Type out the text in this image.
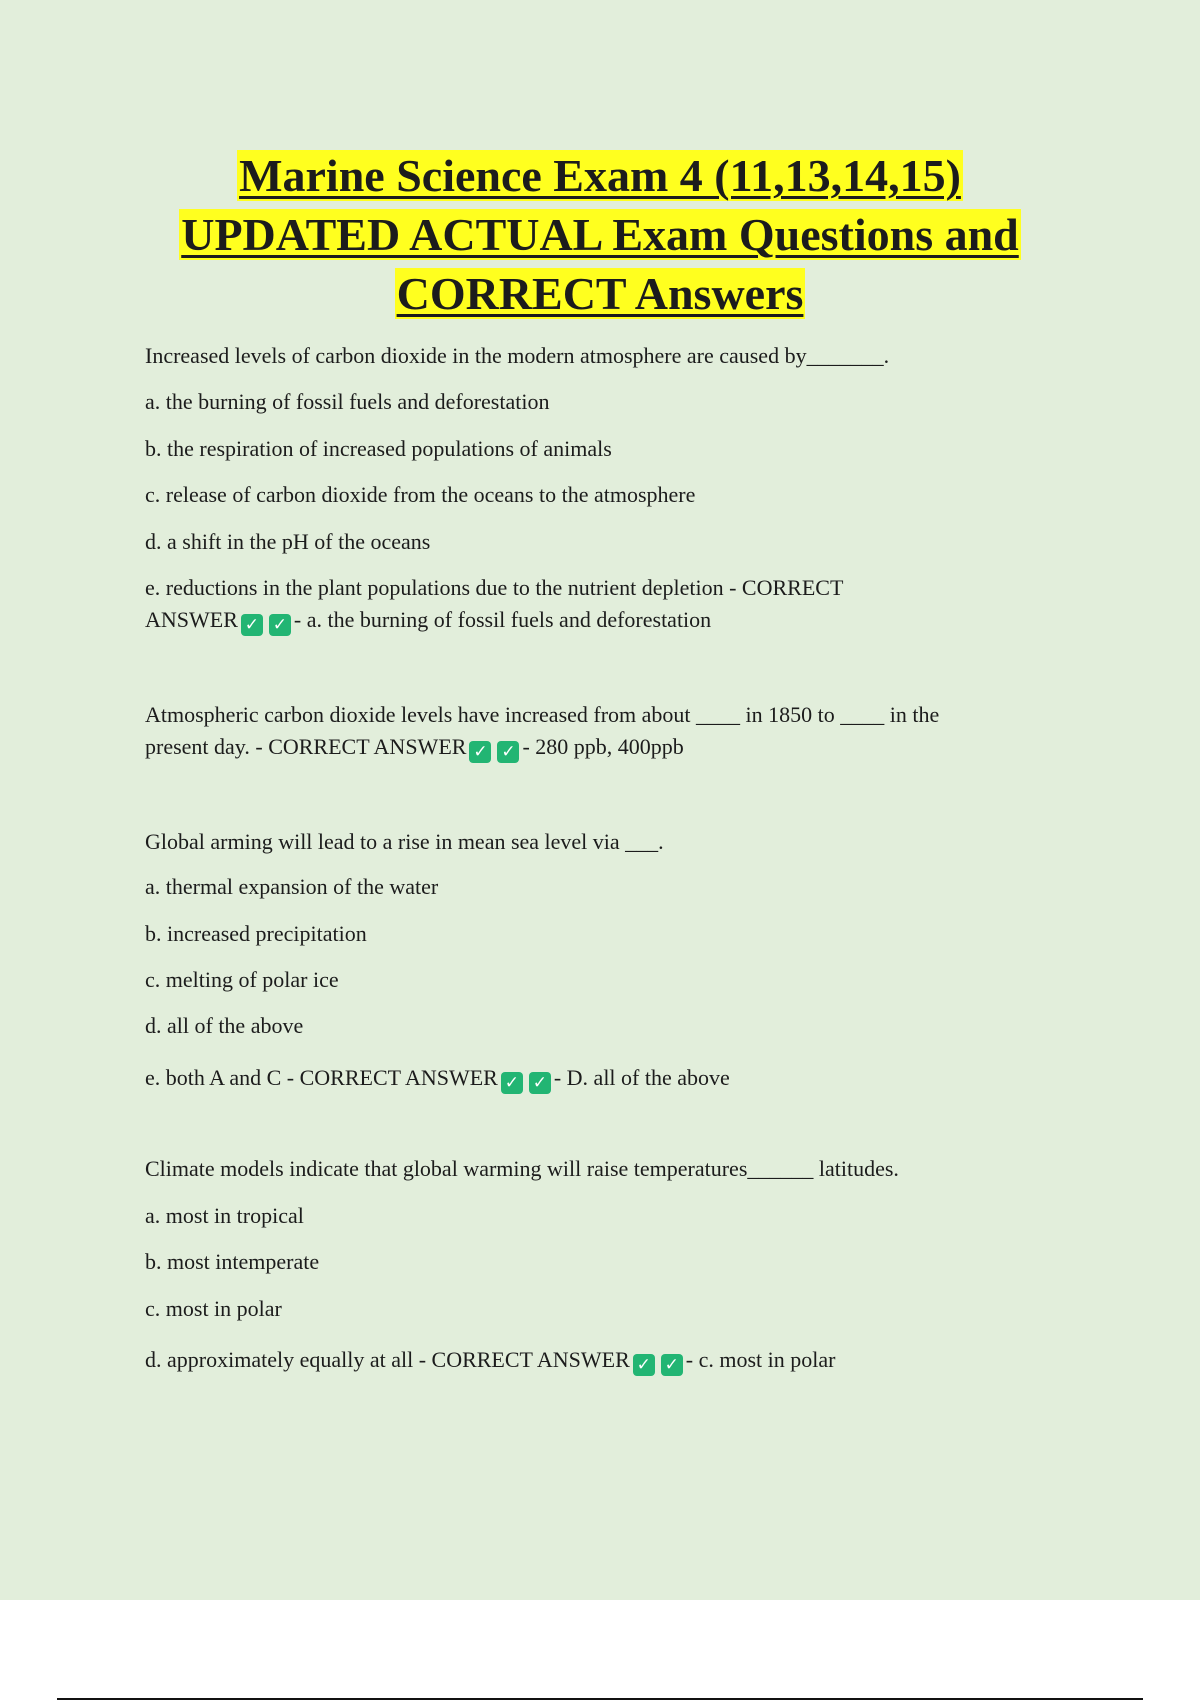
Marine Science Exam 4 (11,13,14,15)
UPDATED ACTUAL Exam Questions and
CORRECT Answers
Increased levels of carbon dioxide in the modern atmosphere are caused by_______.
a. the burning of fossil fuels and deforestation
b. the respiration of increased populations of animals
c. release of carbon dioxide from the oceans to the atmosphere
d. a shift in the pH of the oceans
e. reductions in the plant populations due to the nutrient depletion - CORRECT
ANSWER ✓ ✓ - a. the burning of fossil fuels and deforestation
Atmospheric carbon dioxide levels have increased from about ____ in 1850 to ____ in the
present day. - CORRECT ANSWER ✓ ✓ - 280 ppb, 400ppb
Global arming will lead to a rise in mean sea level via ___.
a. thermal expansion of the water
b. increased precipitation
c. melting of polar ice
d. all of the above
e. both A and C - CORRECT ANSWER ✓ ✓ - D. all of the above
Climate models indicate that global warming will raise temperatures______ latitudes.
a. most in tropical
b. most intemperate
c. most in polar
d. approximately equally at all - CORRECT ANSWER ✓ ✓ - c. most in polar
